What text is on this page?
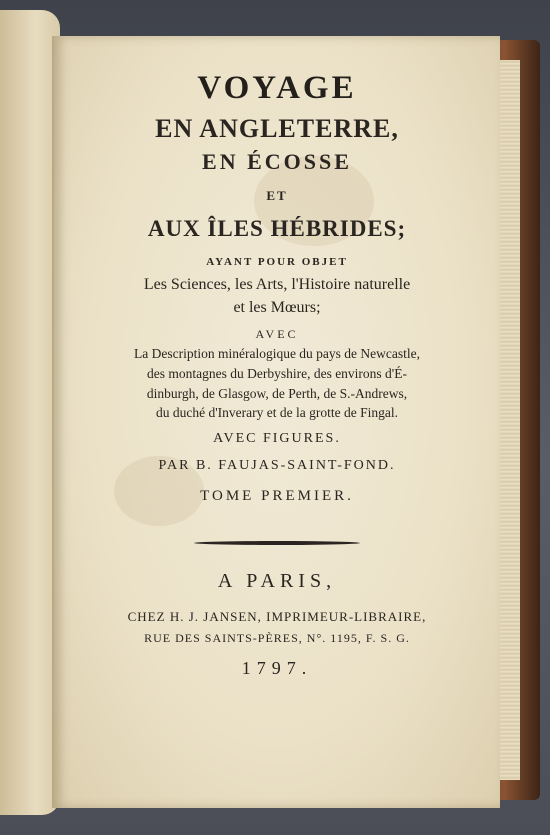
VOYAGE
EN ANGLETERRE,
EN ÉCOSSE
ET
AUX ÎLES HÉBRIDES;
AYANT POUR OBJET
Les Sciences, les Arts, l'Histoire naturelle
et les Mœurs;
AVEC
La Description minéralogique du pays de Newcastle,
des montagnes du Derbyshire, des environs d'É-
dinburgh, de Glasgow, de Perth, de S.-Andrews,
du duché d'Inverary et de la grotte de Fingal.
AVEC FIGURES.
PAR B. FAUJAS-SAINT-FOND.
TOME PREMIER.
A PARIS,
CHEZ H. J. JANSEN, IMPRIMEUR-LIBRAIRE,
RUE DES SAINTS-PÈRES, N°. 1195, F. S. G.
1797.
